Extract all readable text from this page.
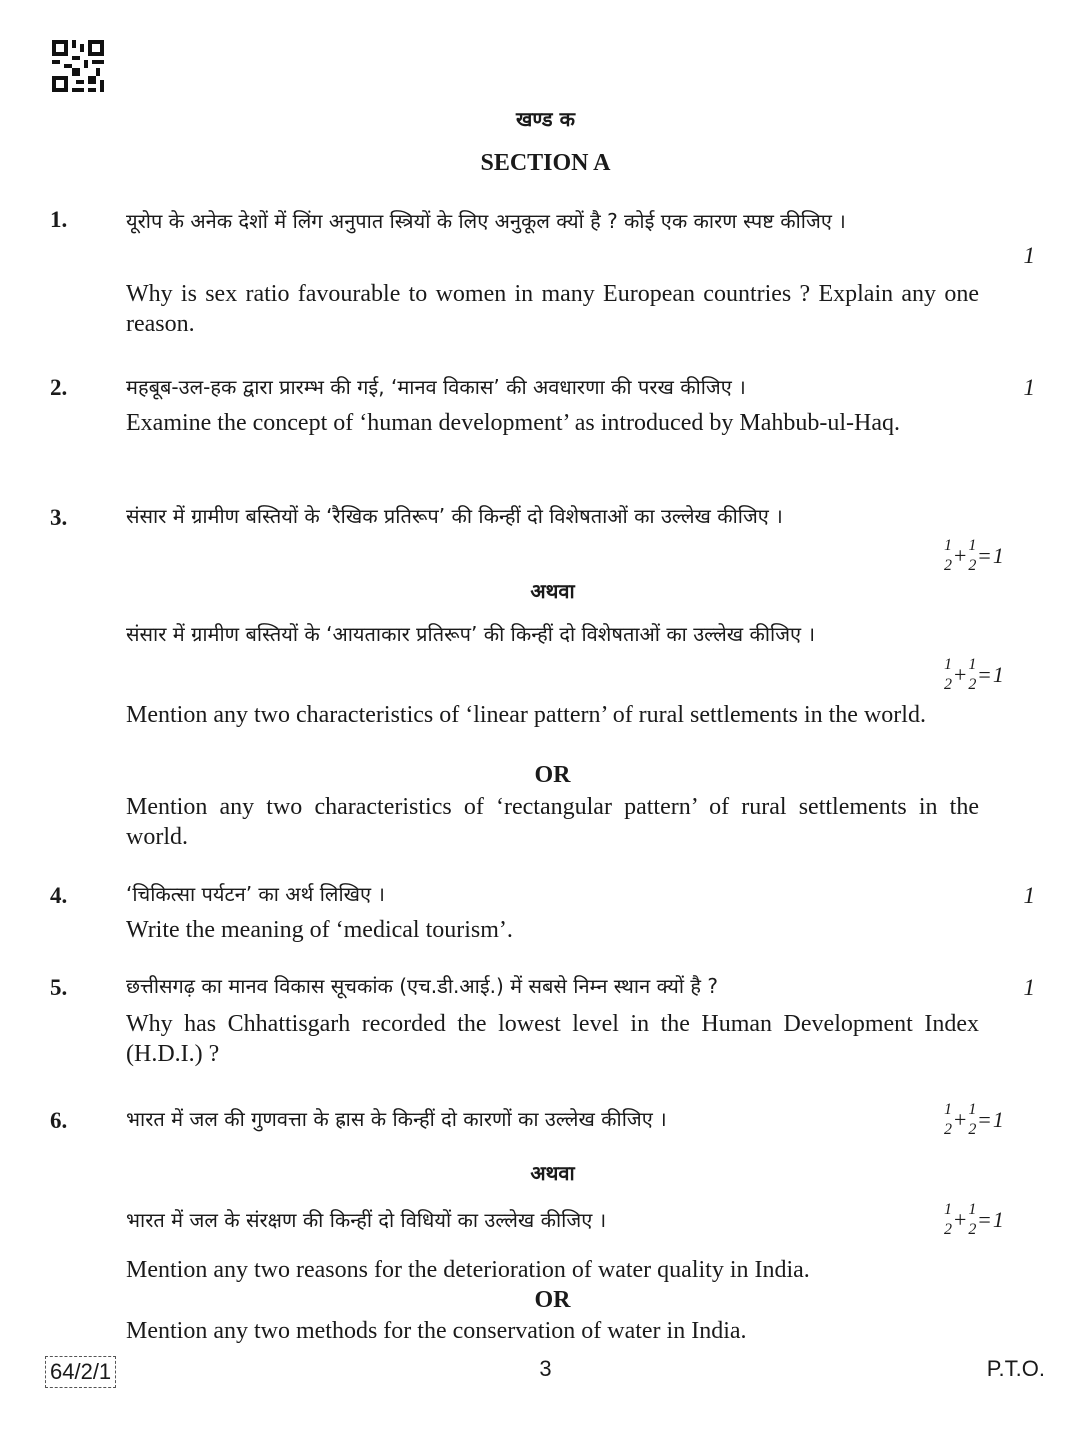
खण्ड क
SECTION A
1.	यूरोप के अनेक देशों में लिंग अनुपात स्त्रियों के लिए अनुकूल क्यों है ? कोई एक कारण स्पष्ट कीजिए ।
1
Why is sex ratio favourable to women in many European countries ? Explain any one reason.
2.	महबूब-उल-हक द्वारा प्रारम्भ की गई, ‘मानव विकास’ की अवधारणा की परख कीजिए ।	1
Examine the concept of ‘human development’ as introduced by Mahbub-ul-Haq.
3.	संसार में ग्रामीण बस्तियों के ‘रैखिक प्रतिरूप’ की किन्हीं दो विशेषताओं का उल्लेख कीजिए ।
1
2 + 1
2 = 1
अथवा
संसार में ग्रामीण बस्तियों के ‘आयताकार प्रतिरूप’ की किन्हीं दो विशेषताओं का उल्लेख कीजिए ।
1
2 + 1
2 = 1
Mention any two characteristics of ‘linear pattern’ of rural settlements in the world.
OR
Mention any two characteristics of ‘rectangular pattern’ of rural settlements in the world.
4.	‘चिकित्सा पर्यटन’ का अर्थ लिखिए ।	1
Write the meaning of ‘medical tourism’.
5.	छत्तीसगढ़ का मानव विकास सूचकांक (एच.डी.आई.) में सबसे निम्न स्थान क्यों है ?	1
Why has Chhattisgarh recorded the lowest level in the Human Development Index (H.D.I.) ?
6.	भारत में जल की गुणवत्ता के ह्रास के किन्हीं दो कारणों का उल्लेख कीजिए ।	1
2 + 1
2 = 1
अथवा
भारत में जल के संरक्षण की किन्हीं दो विधियों का उल्लेख कीजिए ।	1
2 + 1
2 = 1
Mention any two reasons for the deterioration of water quality in India.
OR
Mention any two methods for the conservation of water in India.
64/2/1	3	P.T.O.
